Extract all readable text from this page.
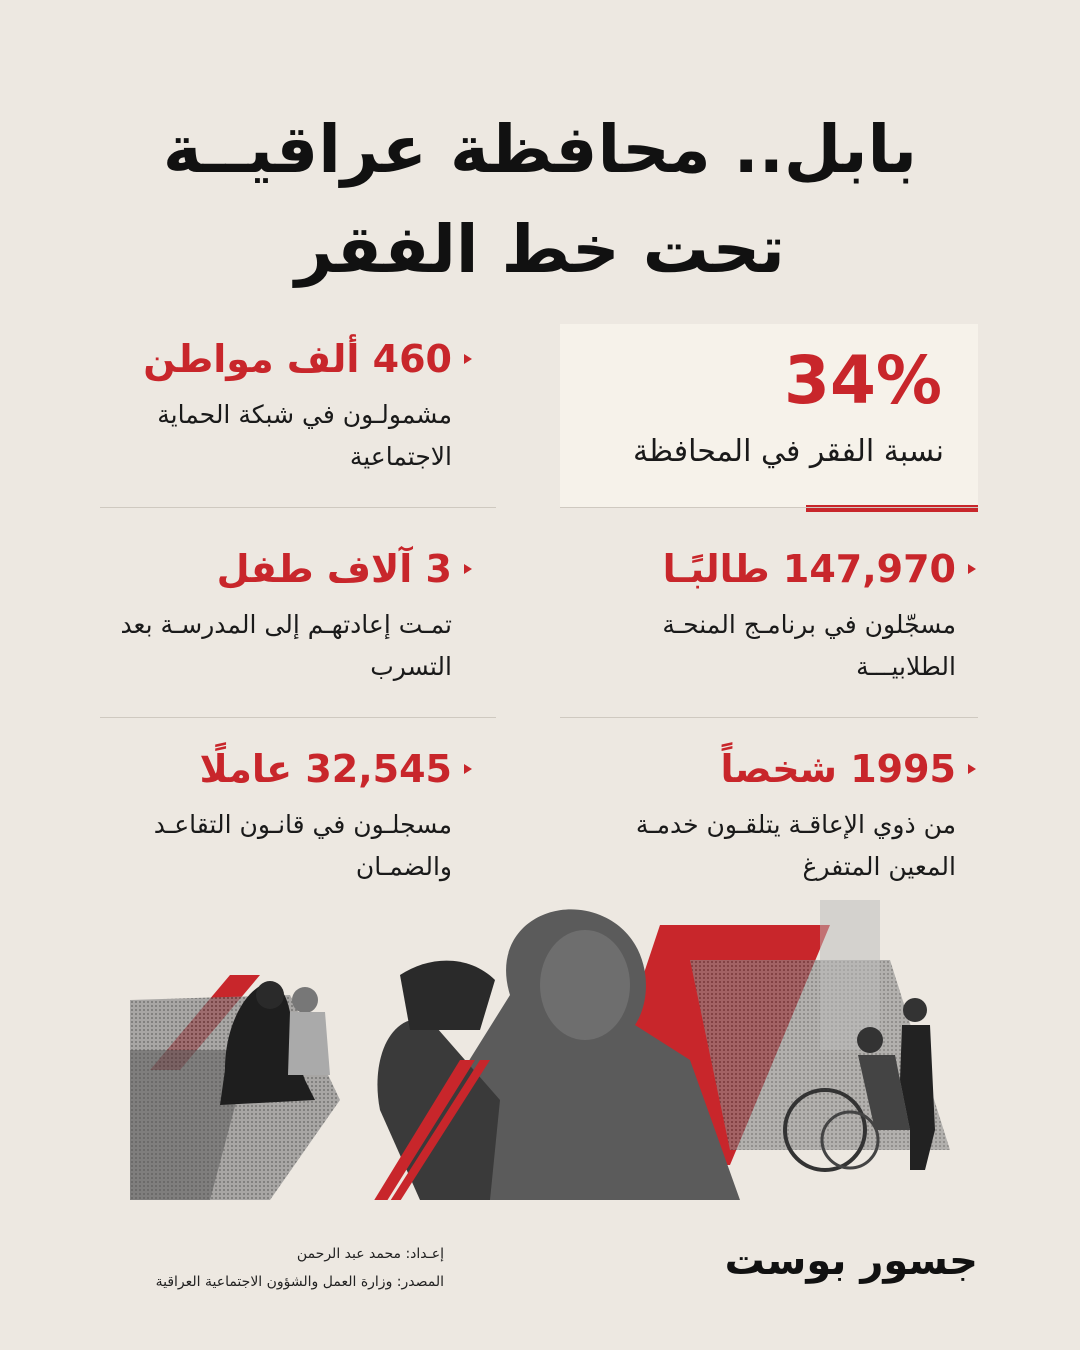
بابل.. محافظة عراقيــة
تحت خط الفقر
34%
نسبة الفقر في المحافظة
460 ألف مواطن
مشمولـون في شبكة الحماية الاجتماعية
3 آلاف طفل
تمـت إعادتهـم إلى المدرسـة بعد التسرب
32,545 عاملًا
مسجلـون في قانـون التقاعـد والضمـان
147,970 طالبًـا
مسجّلون في برنامـج المنحـة الطلابيـــة
1995 شخصاً
من ذوي الإعاقـة يتلقـون خدمـة المعين المتفرغ
إعـداد: محمد عبد الرحمن
المصدر: وزارة العمل والشؤون الاجتماعية العراقية	جسور بوست
